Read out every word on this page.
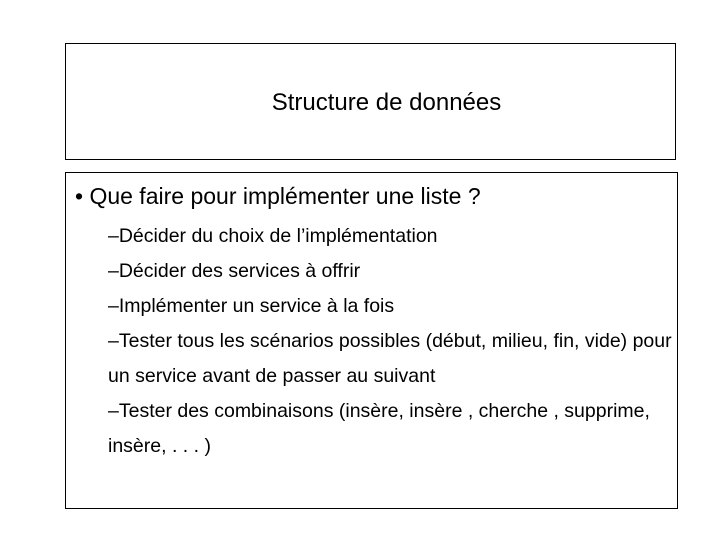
Structure de données
• Que faire pour implémenter une liste ?
–Décider du choix de l’implémentation
–Décider des services à offrir
–Implémenter un service à la fois
–Tester tous les scénarios possibles (début, milieu, fin, vide) pour un service avant de passer au suivant
–Tester des combinaisons (insère, insère , cherche , supprime, insère, . . . )
